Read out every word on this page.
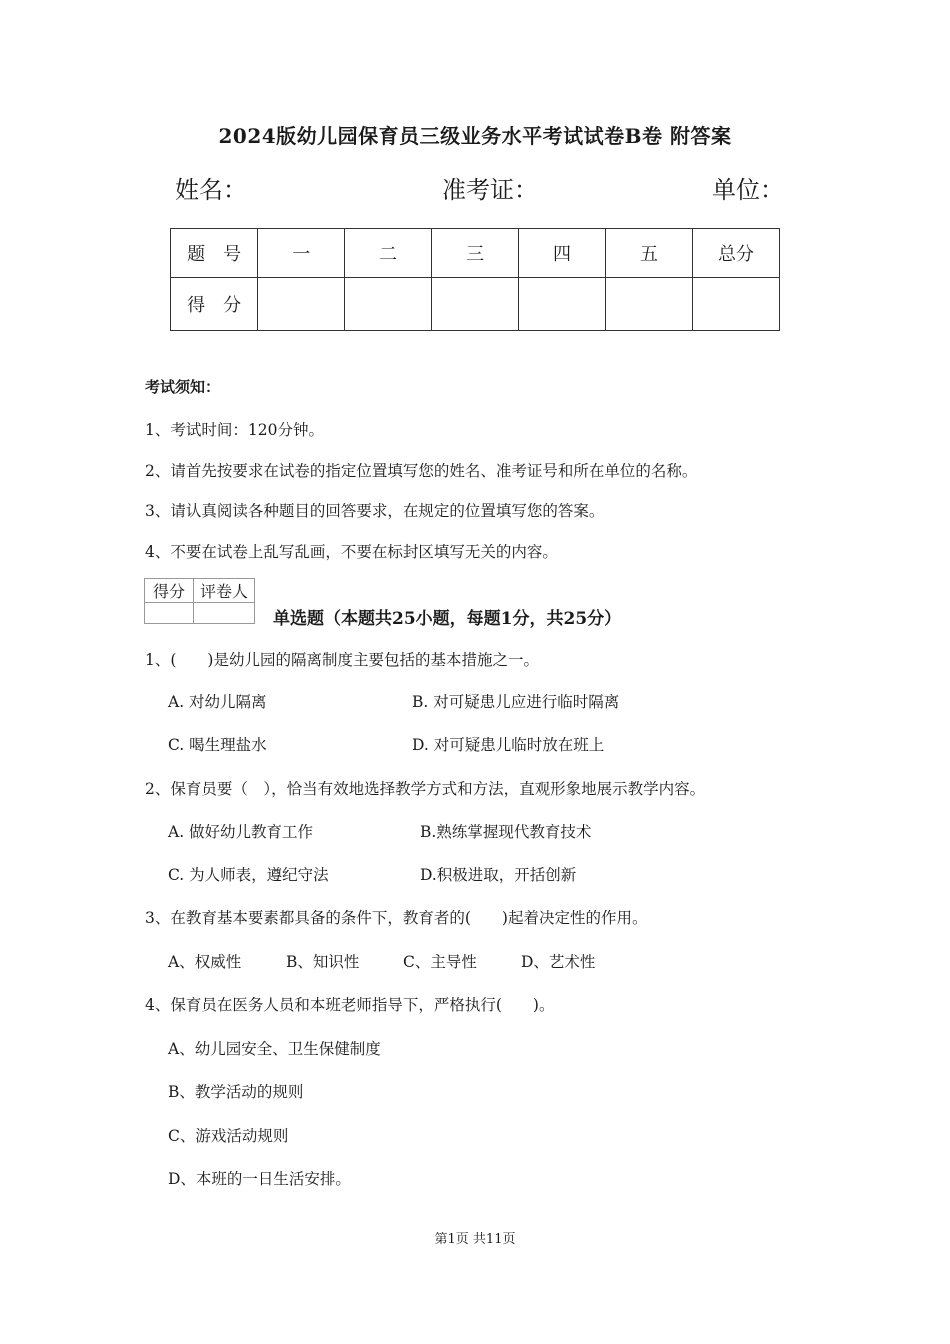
2024版幼儿园保育员三级业务水平考试试卷B卷 附答案
姓名：	准考证：	单位：
题　号	一	二	三	四	五	总分
得　分						
考试须知：
1、考试时间：120分钟。
2、请首先按要求在试卷的指定位置填写您的姓名、准考证号和所在单位的名称。
3、请认真阅读各种题目的回答要求，在规定的位置填写您的答案。
4、不要在试卷上乱写乱画，不要在标封区填写无关的内容。
得分	评卷人

单选题（本题共25小题，每题1分，共25分）
1、(　　)是幼儿园的隔离制度主要包括的基本措施之一。
A. 对幼儿隔离	B. 对可疑患儿应进行临时隔离
C. 喝生理盐水	D. 对可疑患儿临时放在班上
2、保育员要（　），恰当有效地选择教学方式和方法，直观形象地展示教学内容。
A. 做好幼儿教育工作	B.熟练掌握现代教育技术
C. 为人师表，遵纪守法	D.积极进取，开括创新
3、在教育基本要素都具备的条件下，教育者的(　　)起着决定性的作用。
A、权威性	B、知识性	C、主导性	D、艺术性
4、保育员在医务人员和本班老师指导下，严格执行(　　)。
A、幼儿园安全、卫生保健制度
B、教学活动的规则
C、游戏活动规则
D、本班的一日生活安排。
第1页 共11页
